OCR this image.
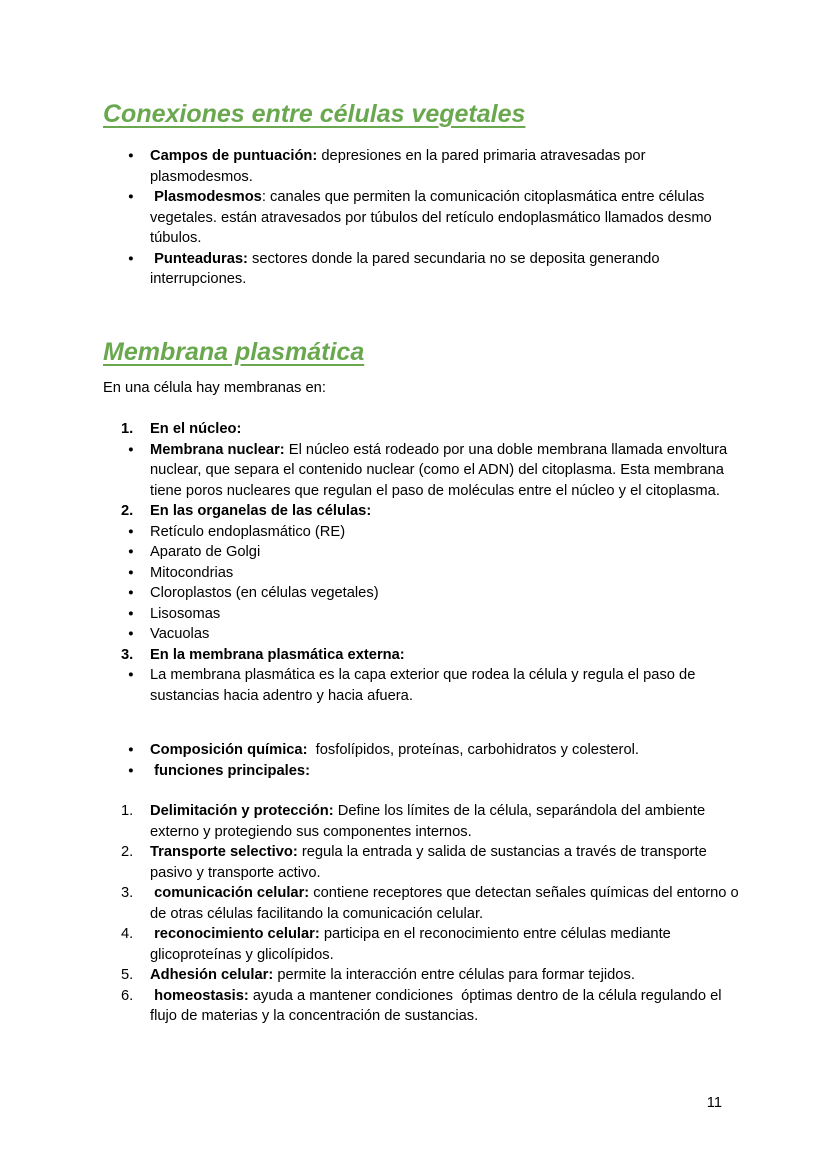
Conexiones entre células vegetales
●	Campos de puntuación: depresiones en la pared primaria atravesadas por plasmodesmos.
●	Plasmodesmos: canales que permiten la comunicación citoplasmática entre células vegetales. están atravesados por túbulos del retículo endoplasmático llamados desmo túbulos.
●	Punteaduras: sectores donde la pared secundaria no se deposita generando interrupciones.
Membrana plasmática

En una célula hay membranas en:

1.	En el núcleo:
●	Membrana nuclear: El núcleo está rodeado por una doble membrana llamada envoltura nuclear, que separa el contenido nuclear (como el ADN) del citoplasma. Esta membrana tiene poros nucleares que regulan el paso de moléculas entre el núcleo y el citoplasma.
2.	En las organelas de las células:
●	Retículo endoplasmático (RE)
●	Aparato de Golgi
●	Mitocondrias
●	Cloroplastos (en células vegetales)
●	Lisosomas
●	Vacuolas
3.	En la membrana plasmática externa:
●	La membrana plasmática es la capa exterior que rodea la célula y regula el paso de sustancias hacia adentro y hacia afuera.
●	Composición química:  fosfolípidos, proteínas, carbohidratos y colesterol.
●	funciones principales:
1.	Delimitación y protección: Define los límites de la célula, separándola del ambiente externo y protegiendo sus componentes internos.
2.	Transporte selectivo: regula la entrada y salida de sustancias a través de transporte pasivo y transporte activo.
3.	comunicación celular: contiene receptores que detectan señales químicas del entorno o de otras células facilitando la comunicación celular.
4.	reconocimiento celular: participa en el reconocimiento entre células mediante glicoproteínas y glicolípidos.
5.	Adhesión celular: permite la interacción entre células para formar tejidos.
6.	homeostasis: ayuda a mantener condiciones  óptimas dentro de la célula regulando el flujo de materias y la concentración de sustancias.
11
